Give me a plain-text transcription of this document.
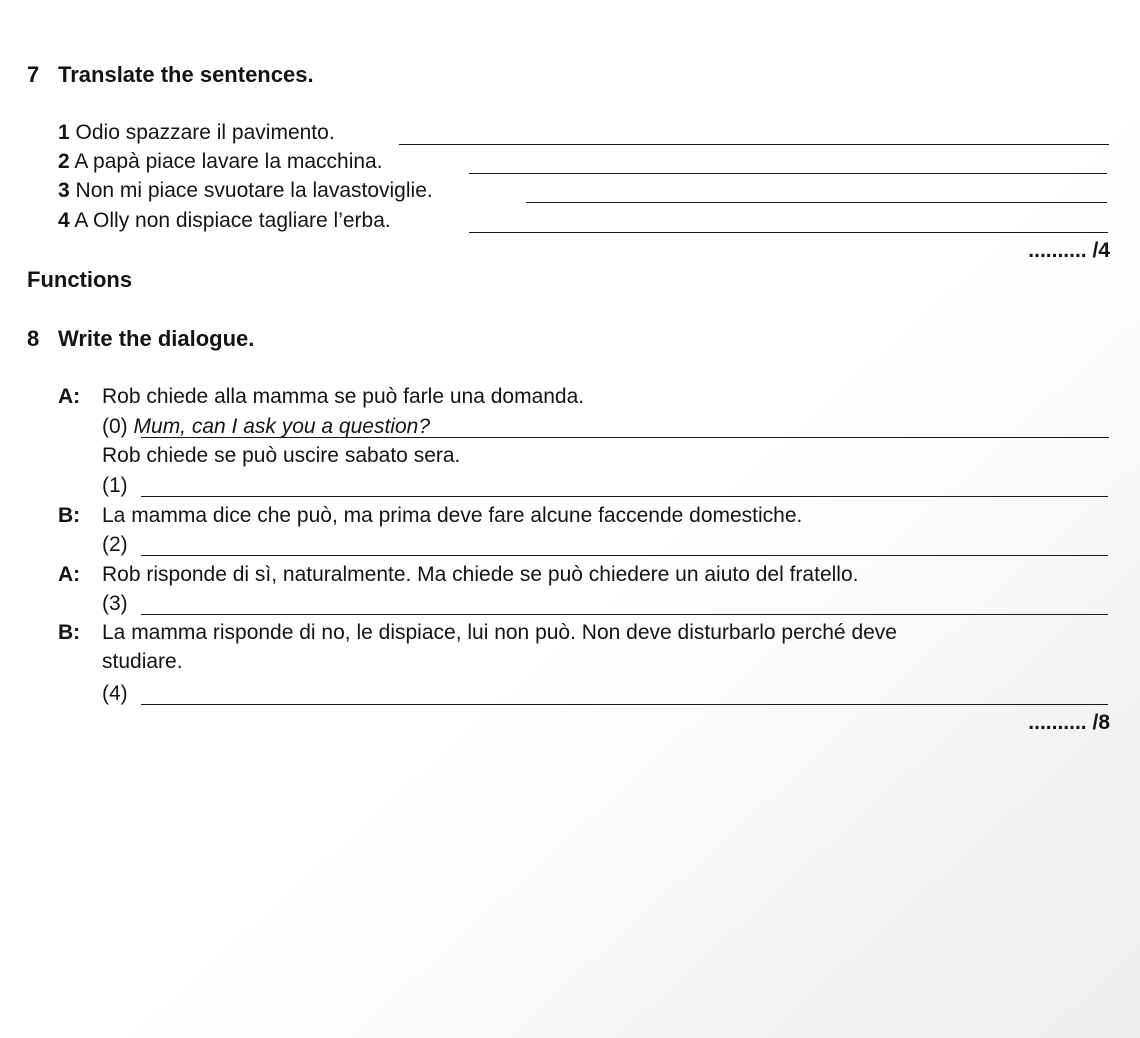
7 Translate the sentences.
1 Odio spazzare il pavimento.
2 A papà piace lavare la macchina.
3 Non mi piace svuotare la lavastoviglie.
4 A Olly non dispiace tagliare l’erba.
.......... /4
Functions
8 Write the dialogue.
A: Rob chiede alla mamma se può farle una domanda.
(0) Mum, can I ask you a question?
Rob chiede se può uscire sabato sera.
(1)
B: La mamma dice che può, ma prima deve fare alcune faccende domestiche.
(2)
A: Rob risponde di sì, naturalmente. Ma chiede se può chiedere un aiuto del fratello.
(3)
B: La mamma risponde di no, le dispiace, lui non può. Non deve disturbarlo perché deve
studiare.
(4)
.......... /8
